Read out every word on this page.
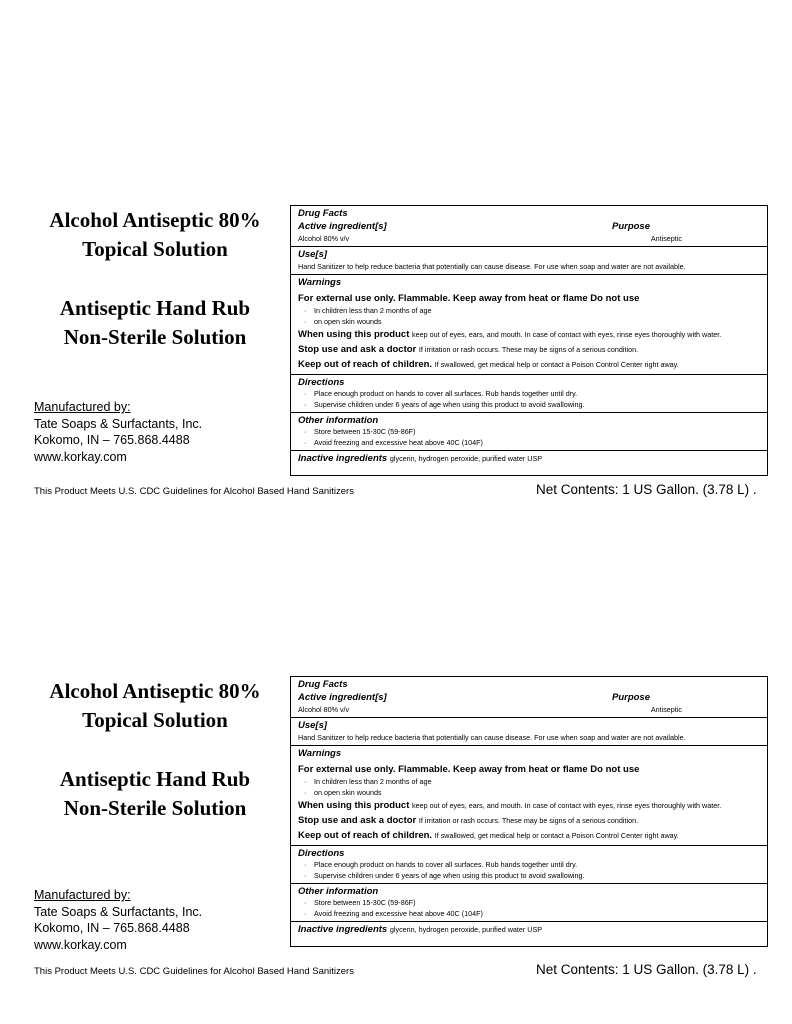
Alcohol Antiseptic 80%
Topical Solution
Antiseptic Hand Rub
Non-Sterile Solution
Manufactured by:
Tate Soaps & Surfactants, Inc.
Kokomo, IN – 765.868.4488
www.korkay.com
This Product Meets U.S. CDC Guidelines for Alcohol Based Hand Sanitizers	Net Contents: 1 US Gallon. (3.78 L) .
Drug Facts
Active ingredient[s]	Purpose
Alcohol 80% v/v	Antiseptic
Use[s]
Hand Sanitizer to help reduce bacteria that potentially can cause disease. For use when soap and water are not available.
Warnings
For external use only. Flammable. Keep away from heat or flame Do not use
· In children less than 2 months of age
· on open skin wounds
When using this product keep out of eyes, ears, and mouth. In case of contact with eyes, rinse eyes thoroughly with water.
Stop use and ask a doctor If irritation or rash occurs. These may be signs of a serious condition.
Keep out of reach of children. If swallowed, get medical help or contact a Poison Control Center right away.
Directions
· Place enough product on hands to cover all surfaces. Rub hands together until dry.
· Supervise children under 6 years of age when using this product to avoid swallowing.
Other information
· Store between 15-30C (59-86F)
· Avoid freezing and excessive heat above 40C (104F)
Inactive ingredients glycerin, hydrogen peroxide, purified water USP
Alcohol Antiseptic 80%
Topical Solution
Antiseptic Hand Rub
Non-Sterile Solution
Manufactured by:
Tate Soaps & Surfactants, Inc.
Kokomo, IN – 765.868.4488
www.korkay.com
This Product Meets U.S. CDC Guidelines for Alcohol Based Hand Sanitizers	Net Contents: 1 US Gallon. (3.78 L) .
Drug Facts
Active ingredient[s]	Purpose
Alcohol 80% v/v	Antiseptic
Use[s]
Hand Sanitizer to help reduce bacteria that potentially can cause disease. For use when soap and water are not available.
Warnings
For external use only. Flammable. Keep away from heat or flame Do not use
· In children less than 2 months of age
· on open skin wounds
When using this product keep out of eyes, ears, and mouth. In case of contact with eyes, rinse eyes thoroughly with water.
Stop use and ask a doctor If irritation or rash occurs. These may be signs of a serious condition.
Keep out of reach of children. If swallowed, get medical help or contact a Poison Control Center right away.
Directions
· Place enough product on hands to cover all surfaces. Rub hands together until dry.
· Supervise children under 6 years of age when using this product to avoid swallowing.
Other information
· Store between 15-30C (59-86F)
· Avoid freezing and excessive heat above 40C (104F)
Inactive ingredients glycerin, hydrogen peroxide, purified water USP
